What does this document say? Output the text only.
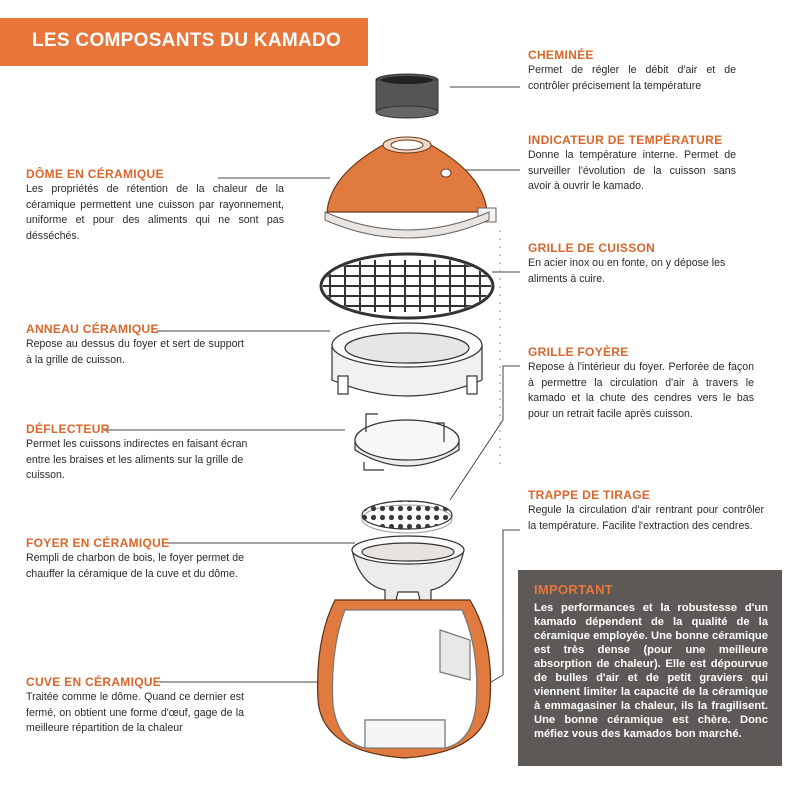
LES COMPOSANTS DU KAMADO
CHEMINÉE
Permet de régler le débit d'air et de contrôler précisement la température
INDICATEUR DE TEMPÉRATURE
Donne la température interne. Permet de surveiller l'évolution de la cuisson sans avoir à ouvrir le kamado.
GRILLE DE CUISSON
En acier inox ou en fonte, on y dépose les aliments à cuire.
GRILLE FOYÈRE
Repose à l'intérieur du foyer. Perforée de façon à permettre la circulation d'air à travers le kamado et la chute des cendres vers le bas pour un retrait facile après cuisson.
TRAPPE DE TIRAGE
Regule la circulation d'air rentrant pour contrôler la température. Facilite l'extraction des cendres.
DÔME EN CÉRAMIQUE
Les propriétés de rétention de la chaleur de la céramique permettent une cuisson par rayonnement, uniforme et pour des aliments qui ne sont pas désséchés.
ANNEAU CÉRAMIQUE
Repose au dessus du foyer et sert de support à la grille de cuisson.
DÉFLECTEUR
Permet les cuissons indirectes en faisant écran entre les braises et les aliments sur la grille de cuisson.
FOYER EN CÉRAMIQUE
Rempli de charbon de bois, le foyer permet de chauffer la céramique de la cuve et du dôme.
CUVE EN CÉRAMIQUE
Traitée comme le dôme. Quand ce dernier est fermé, on obtient une forme d'œuf, gage de la meilleure répartition de la chaleur
IMPORTANT
Les performances et la robustesse d'un kamado dépendent de la qualité de la céramique employée. Une bonne céramique est très dense (pour une meilleure absorption de chaleur). Elle est dépourvue de bulles d'air et de petit graviers qui viennent limiter la capacité de la céramique à emmagasiner la chaleur, ils la fragilisent. Une bonne céramique est chère. Donc méfiez vous des kamados bon marché.
